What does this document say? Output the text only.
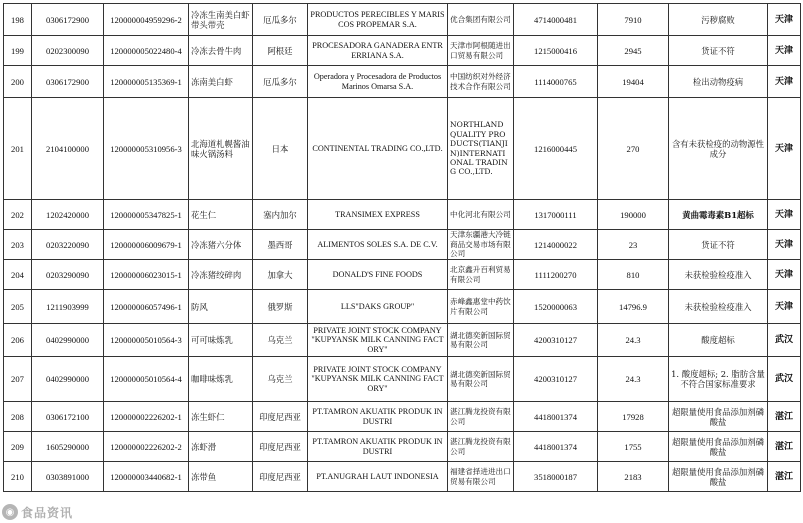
198	0306172900	120000004959296-2	冷冻生南美白虾带头带壳	厄瓜多尔	PRODUCTOS PERECIBLES Y MARISCOS PROPEMAR S.A.	优合集团有限公司	4714000481	7910	污秽腐败	天津
199	0202300090	120000005022480-4	冷冻去骨牛肉	阿根廷	PROCESADORA GANADERA ENTRERRIANA S.A.	天津市阿根随进出口贸易有限公司	1215000416	2945	货证不符	天津
200	0306172900	120000005135369-1	冻南美白虾	厄瓜多尔	Operadora y Procesadora de Productos Marinos Omarsa S.A.	中国纺织对外经济技术合作有限公司	1114000765	19404	检出动物疫病	天津
201	2104100000	120000005310956-3	北海道札幌酱油味火锅汤料	日本	CONTINENTAL TRADING CO.,LTD.	NORTHLAND QUALITY PRODUCTS(TIANJIN)INTERNATIONAL TRADING CO.,LTD.	1216000445	270	含有未获检疫的动物源性成分	天津
202	1202420000	120000005347825-1	花生仁	塞内加尔	TRANSIMEX EXPRESS	中化河北有限公司	1317000111	190000	黄曲霉毒素B1超标	天津
203	0203220090	120000006009679-1	冷冻猪六分体	墨西哥	ALIMENTOS SOLES S.A. DE C.V.	天津东疆港大冷链商品交易市场有限公司	1214000022	23	货证不符	天津
204	0203290090	120000006023015-1	冷冻猪绞碎肉	加拿大	DONALD'S FINE FOODS	北京鑫升百利贸易有限公司	1111200270	810	未获检验检疫准入	天津
205	1211903999	120000006057496-1	防风	俄罗斯	LLS"DAKS GROUP"	赤峰鑫惠堂中药饮片有限公司	1520000063	14796.9	未获检验检疫准入	天津
206	0402990000	120000005010564-3	可可味炼乳	乌克兰	PRIVATE JOINT STOCK COMPANY "KUPYANSK MILK CANNING FACTORY"	湖北德奕新国际贸易有限公司	4200310127	24.3	酸度超标	武汉
207	0402990000	120000005010564-4	咖啡味炼乳	乌克兰	PRIVATE JOINT STOCK COMPANY "KUPYANSK MILK CANNING FACTORY"	湖北德奕新国际贸易有限公司	4200310127	24.3	1. 酸度超标; 2. 脂肪含量不符合国家标准要求	武汉
208	0306172100	120000002226202-1	冻生虾仁	印度尼西亚	PT.TAMRON AKUATIK PRODUK INDUSTRI	湛江腾龙投资有限公司	4418001374	17928	超限量使用食品添加剂磷酸盐	湛江
209	1605290000	120000002226202-2	冻虾滑	印度尼西亚	PT.TAMRON AKUATIK PRODUK INDUSTRI	湛江腾龙投资有限公司	4418001374	1755	超限量使用食品添加剂磷酸盐	湛江
210	0303891000	120000003440682-1	冻带鱼	印度尼西亚	PT.ANUGRAH LAUT INDONESIA	福建省择进进出口贸易有限公司	3518000187	2183	超限量使用食品添加剂磷酸盐	湛江
◉ 食品资讯
